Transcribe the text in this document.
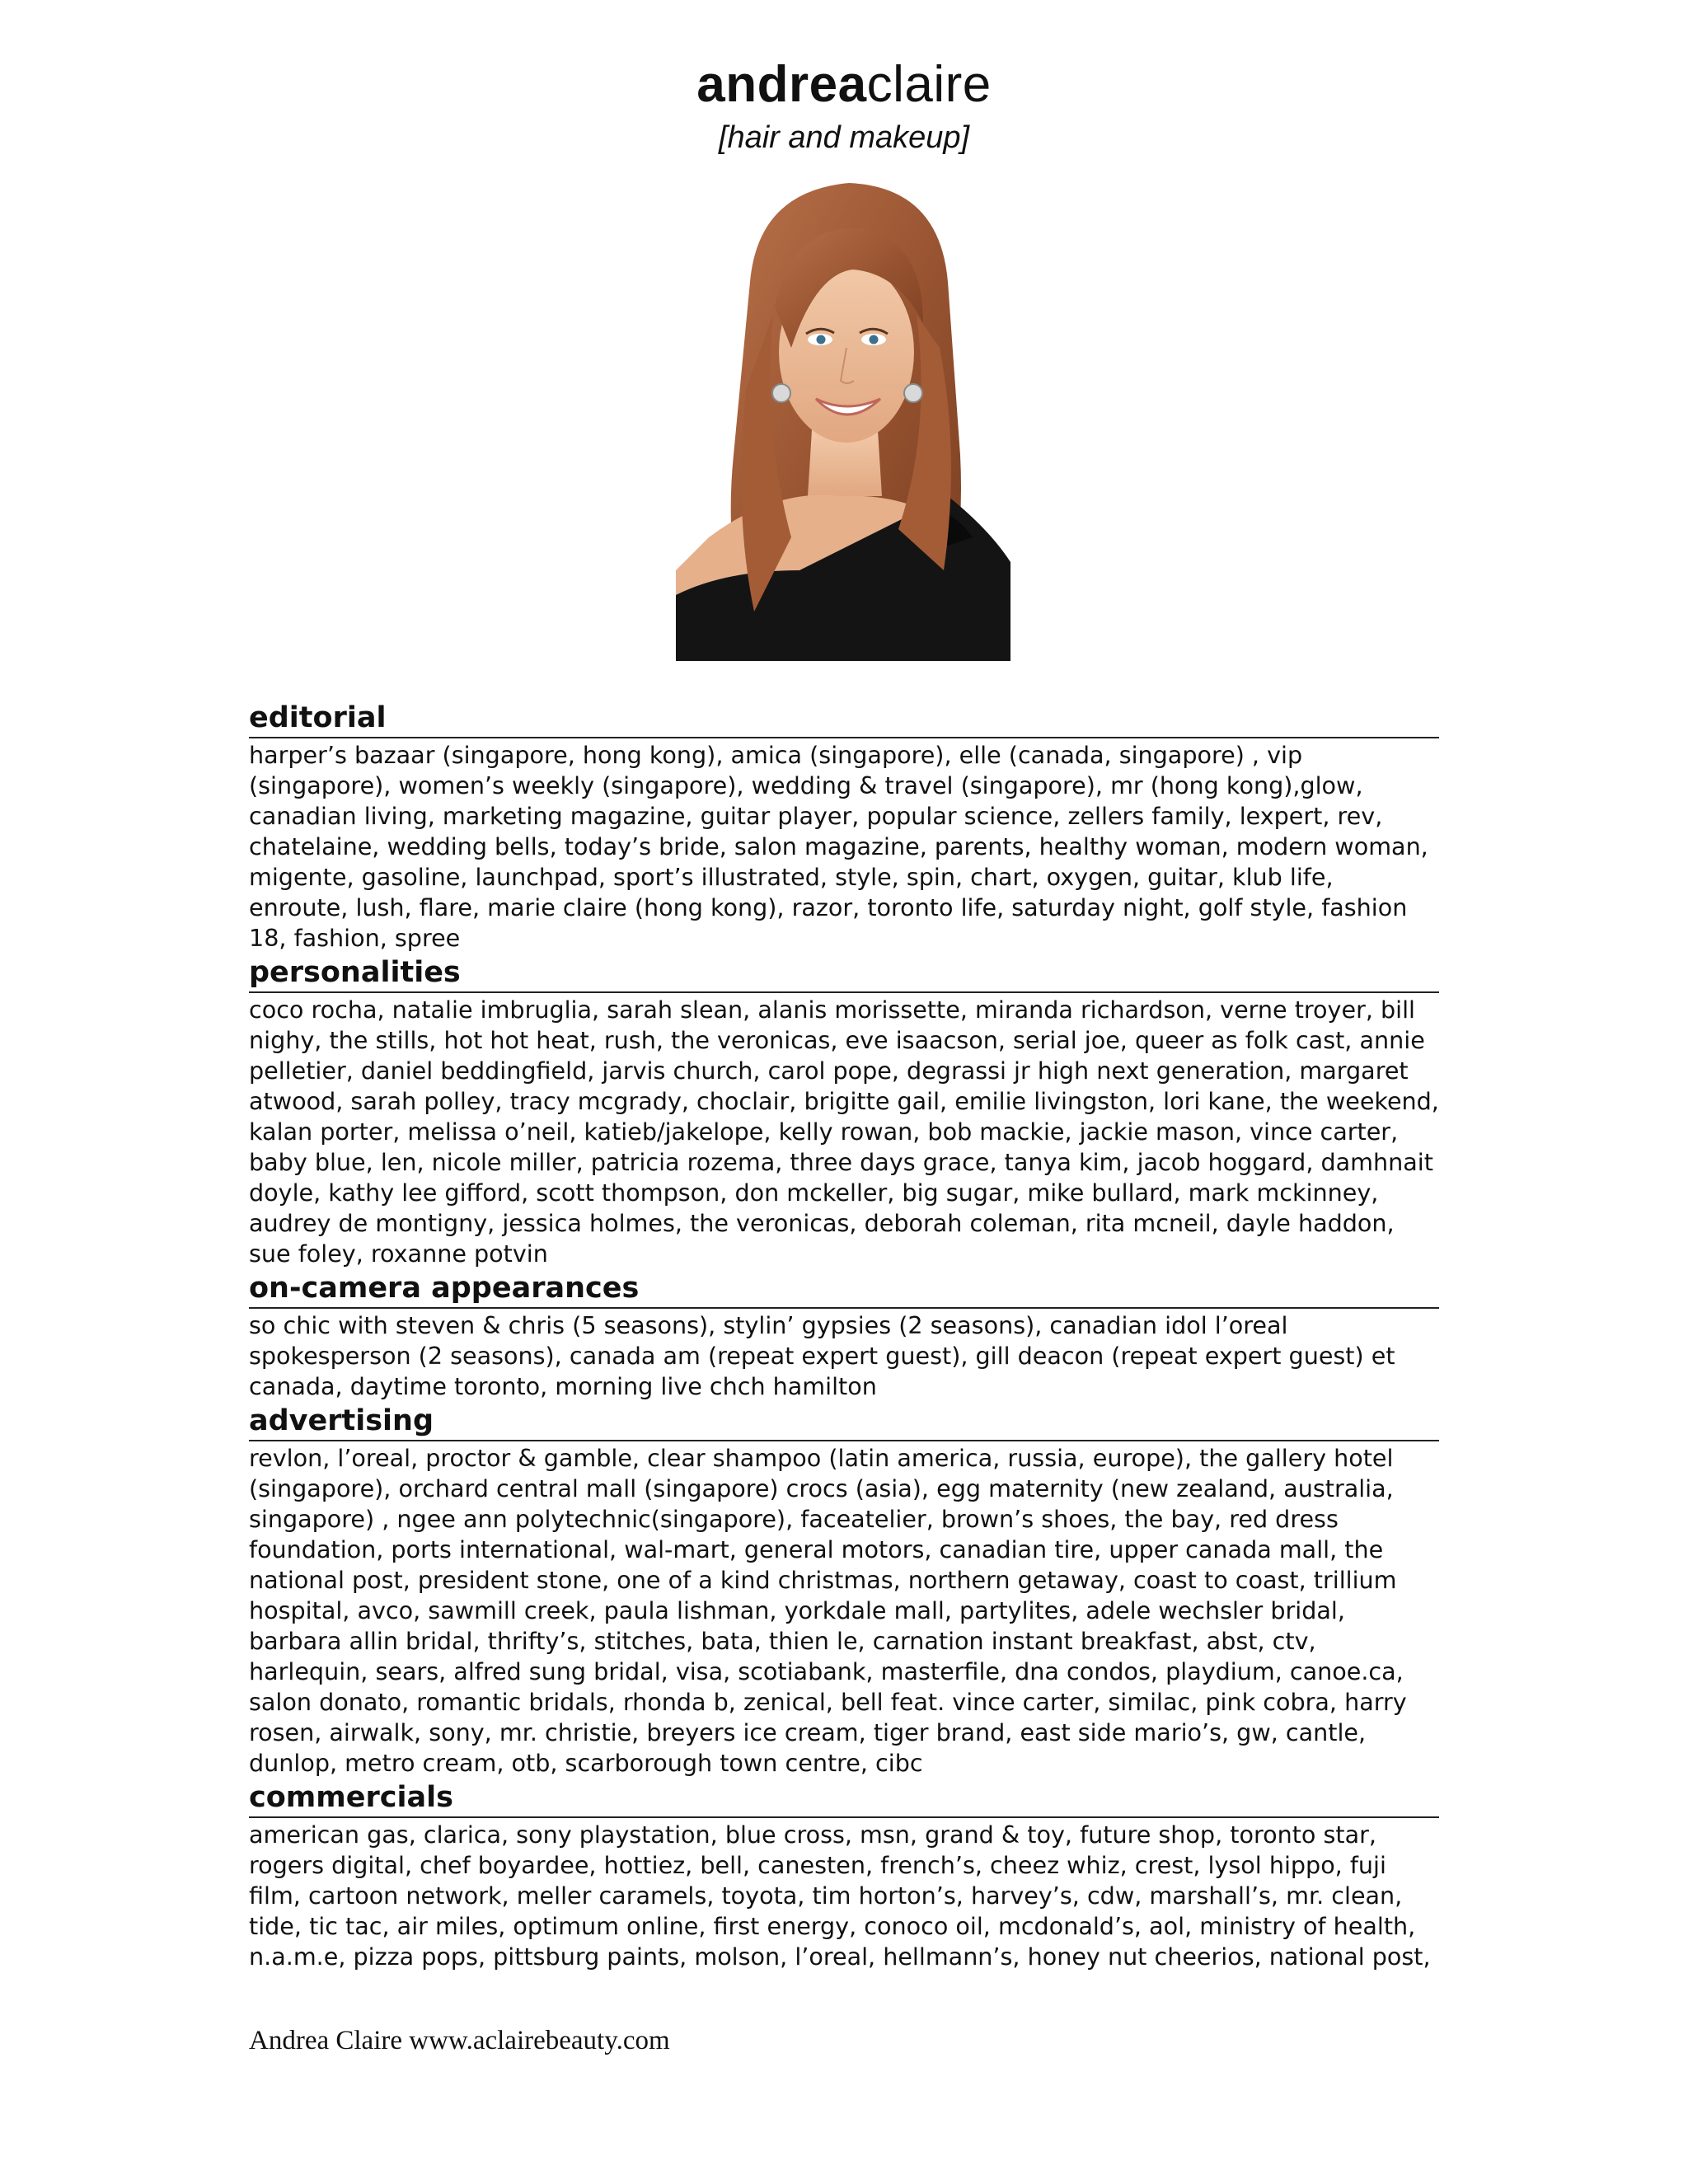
andreaclaire
[hair and makeup]
editorial
harper’s bazaar (singapore, hong kong), amica (singapore), elle (canada, singapore) , vip (singapore), women’s weekly (singapore), wedding & travel (singapore), mr (hong kong),glow, canadian living, marketing magazine, guitar player, popular science, zellers family, lexpert, rev, chatelaine, wedding bells, today’s bride, salon magazine, parents, healthy woman, modern woman, migente, gasoline, launchpad, sport’s illustrated, style, spin, chart, oxygen, guitar, klub life, enroute, lush, flare, marie claire (hong kong), razor, toronto life, saturday night, golf style, fashion 18, fashion, spree
personalities
coco rocha, natalie imbruglia, sarah slean, alanis morissette, miranda richardson, verne troyer, bill nighy, the stills, hot hot heat, rush, the veronicas, eve isaacson, serial joe, queer as folk cast, annie pelletier, daniel beddingfield, jarvis church, carol pope, degrassi jr high next generation, margaret atwood, sarah polley, tracy mcgrady, choclair, brigitte gail, emilie livingston, lori kane, the weekend, kalan porter, melissa o’neil, katieb/jakelope, kelly rowan, bob mackie, jackie mason, vince carter, baby blue, len, nicole miller, patricia rozema, three days grace, tanya kim, jacob hoggard, damhnait doyle, kathy lee gifford, scott thompson, don mckeller, big sugar, mike bullard, mark mckinney, audrey de montigny, jessica holmes, the veronicas, deborah coleman, rita mcneil, dayle haddon, sue foley, roxanne potvin
on-camera appearances
so chic with steven & chris (5 seasons), stylin’ gypsies (2 seasons), canadian idol l’oreal spokesperson (2 seasons), canada am (repeat expert guest), gill deacon (repeat expert guest) et canada, daytime toronto, morning live chch hamilton
advertising
revlon, l’oreal, proctor & gamble, clear shampoo (latin america, russia, europe), the gallery hotel (singapore), orchard central mall (singapore) crocs (asia), egg maternity (new zealand, australia, singapore) , ngee ann polytechnic(singapore), faceatelier, brown’s shoes, the bay, red dress foundation, ports international, wal-mart, general motors, canadian tire, upper canada mall, the national post, president stone, one of a kind christmas, northern getaway, coast to coast, trillium hospital, avco, sawmill creek, paula lishman, yorkdale mall, partylites, adele wechsler bridal, barbara allin bridal, thrifty’s, stitches, bata, thien le, carnation instant breakfast, abst, ctv, harlequin, sears, alfred sung bridal, visa, scotiabank, masterfile, dna condos, playdium, canoe.ca, salon donato, romantic bridals, rhonda b, zenical, bell feat. vince carter, similac, pink cobra, harry rosen, airwalk, sony, mr. christie, breyers ice cream, tiger brand, east side mario’s, gw, cantle, dunlop, metro cream, otb, scarborough town centre, cibc
commercials
american gas, clarica, sony playstation, blue cross, msn, grand & toy, future shop, toronto star, rogers digital, chef boyardee, hottiez, bell, canesten, french’s, cheez whiz, crest, lysol hippo, fuji film, cartoon network, meller caramels, toyota, tim horton’s, harvey’s, cdw, marshall’s, mr. clean, tide, tic tac, air miles, optimum online, first energy, conoco oil, mcdonald’s, aol, ministry of health, n.a.m.e, pizza pops, pittsburg paints, molson, l’oreal, hellmann’s, honey nut cheerios, national post,
Andrea Claire www.aclairebeauty.com
